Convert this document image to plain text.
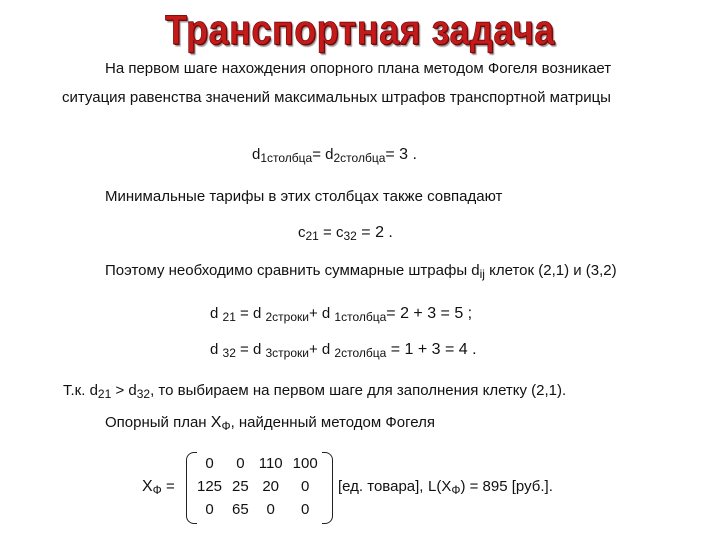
Транспортная задача
На первом шаге нахождения опорного плана методом Фогеля возникает
ситуация равенства значений максимальных штрафов транспортной матрицы
$d_{1столбца}= d_{2столбца}= 3$ .
Минимальные тарифы в этих столбцах также совпадают
$c_{21} = c_{32} = 2$ .
Поэтому необходимо сравнить суммарные штрафы $d_{ij}$ клеток (2,1) и (3,2)
d $_{21}$ = d $_{2строки}$+ d $_{1столбца}$= 2 + 3 = 5 ;
d $_{32}$ = d $_{3строки}$+ d $_{2столбца}$ = 1 + 3 = 4 .
Т.к. $d_{21} > d_{32}$, то выбираем на первом шаге для заполнения клетку (2,1).
Опорный план $X_Ф$, найденный методом Фогеля
$X_Ф$ =
0	0	110	100
125	25	20	0
0	65	0	0
[ед. товара], $L(X_Ф) = 895$ [руб.].
